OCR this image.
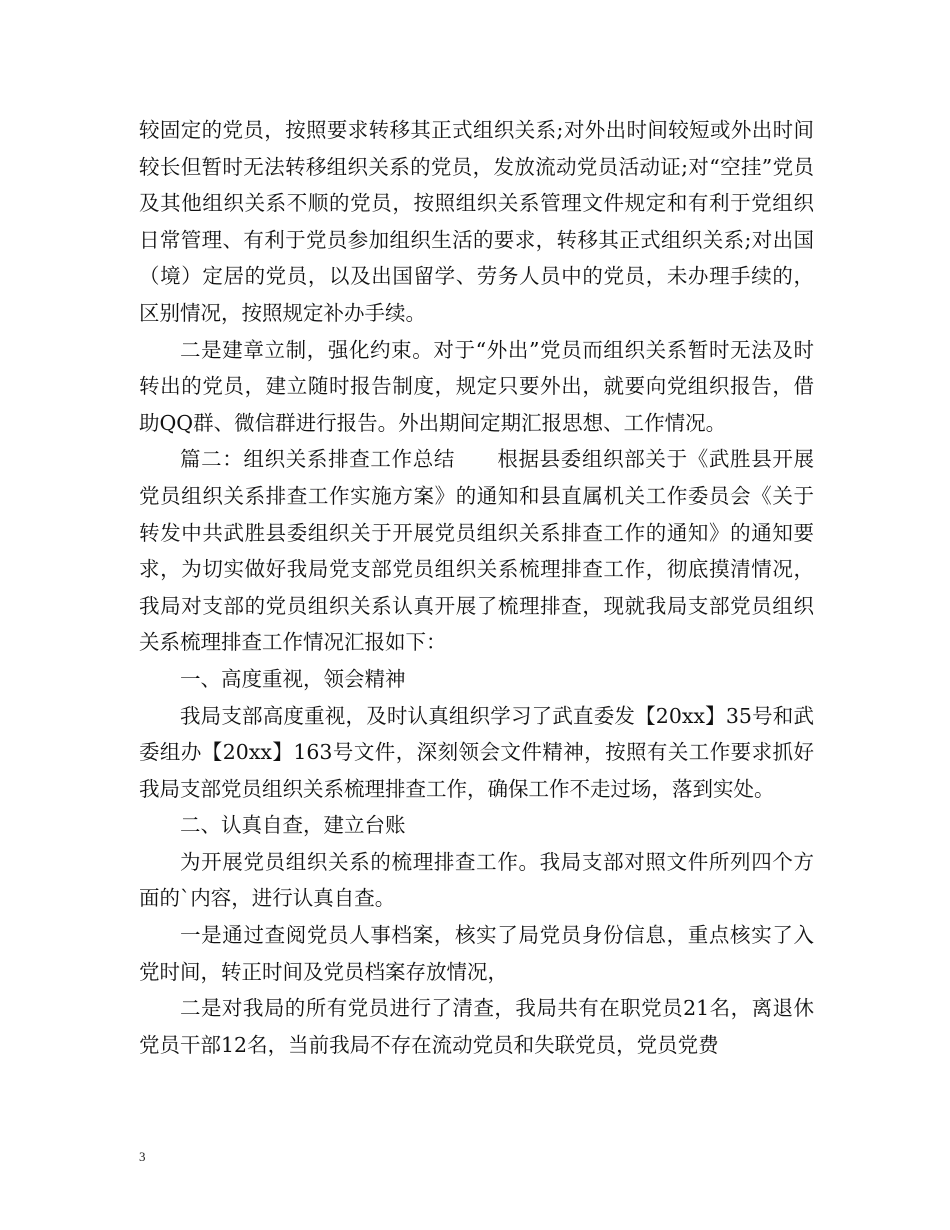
较固定的党员，按照要求转移其正式组织关系;对外出时间较短或外出时间较长但暂时无法转移组织关系的党员，发放流动党员活动证;对“空挂”党员及其他组织关系不顺的党员，按照组织关系管理文件规定和有利于党组织日常管理、有利于党员参加组织生活的要求，转移其正式组织关系;对出国（境）定居的党员，以及出国留学、劳务人员中的党员，未办理手续的，区别情况，按照规定补办手续。

二是建章立制，强化约束。对于“外出”党员而组织关系暂时无法及时转出的党员，建立随时报告制度，规定只要外出，就要向党组织报告，借助QQ群、微信群进行报告。外出期间定期汇报思想、工作情况。

篇二：组织关系排查工作总结　　根据县委组织部关于《武胜县开展党员组织关系排查工作实施方案》的通知和县直属机关工作委员会《关于转发中共武胜县委组织关于开展党员组织关系排查工作的通知》的通知要求，为切实做好我局党支部党员组织关系梳理排查工作，彻底摸清情况，我局对支部的党员组织关系认真开展了梳理排查，现就我局支部党员组织关系梳理排查工作情况汇报如下：

一、高度重视，领会精神

我局支部高度重视，及时认真组织学习了武直委发【20xx】35号和武委组办【20xx】163号文件，深刻领会文件精神，按照有关工作要求抓好我局支部党员组织关系梳理排查工作，确保工作不走过场，落到实处。

二、认真自查，建立台账

为开展党员组织关系的梳理排查工作。我局支部对照文件所列四个方面的`内容，进行认真自查。

一是通过查阅党员人事档案，核实了局党员身份信息，重点核实了入党时间，转正时间及党员档案存放情况，

二是对我局的所有党员进行了清查，我局共有在职党员21名，离退休党员干部12名，当前我局不存在流动党员和失联党员，党员党费

3
